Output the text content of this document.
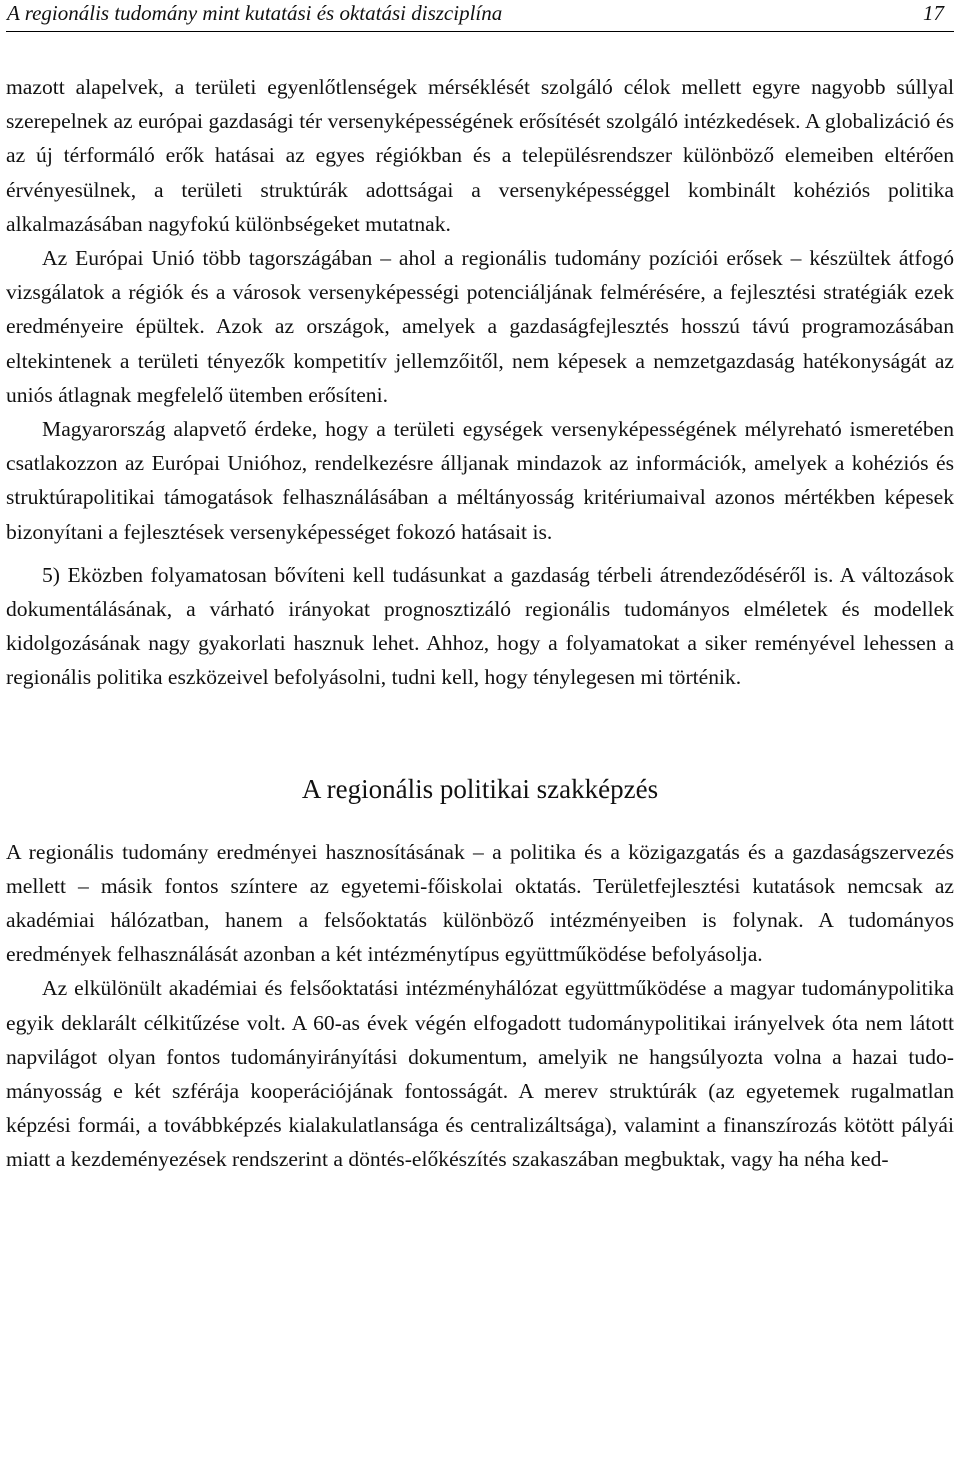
A regionális tudomány mint kutatási és oktatási diszciplína	17

mazott alapelvek, a területi egyenlőtlenségek mérséklését szolgáló célok mellett egyre nagyobb súllyal szerepelnek az európai gazdasági tér versenyképességének erősítését szolgáló intézkedések. A globalizáció és az új térformáló erők hatásai az egyes régiókban és a településrendszer különböző elemeiben eltérően érvényesülnek, a területi struktúrák adottságai a versenyképességgel kombinált kohéziós politika alkalmazásában nagyfokú különbségeket mutatnak.

Az Európai Unió több tagországában – ahol a regionális tudomány pozíciói erősek – készültek átfogó vizsgálatok a régiók és a városok versenyképességi potenciáljának felmérésére, a fejlesztési stratégiák ezek eredményeire épültek. Azok az országok, amelyek a gazdaságfejlesztés hosszú távú programozásában eltekintenek a területi tényezők kompetitív jellemzőitől, nem képesek a nemzetgazdaság hatékonyságát az uniós átlagnak megfelelő ütemben erősíteni.

Magyarország alapvető érdeke, hogy a területi egységek versenyképességének mélyreható ismeretében csatlakozzon az Európai Unióhoz, rendelkezésre álljanak mindazok az információk, amelyek a kohéziós és struktúrapolitikai támogatások felhasználásában a méltányosság kritériumaival azonos mértékben képesek bizonyítani a fejlesztések versenyképességet fokozó hatásait is.

5) Eközben folyamatosan bővíteni kell tudásunkat a gazdaság térbeli átrendeződéséről is. A változások dokumentálásának, a várható irányokat prognosztizáló regionális tudományos elméletek és modellek kidolgozásának nagy gyakorlati hasznuk lehet. Ahhoz, hogy a folyamatokat a siker reményével lehessen a regionális politika eszközeivel befolyásolni, tudni kell, hogy ténylegesen mi történik.

A regionális politikai szakképzés

A regionális tudomány eredményei hasznosításának – a politika és a közigazgatás és a gazdaságszervezés mellett – másik fontos színtere az egyetemi-főiskolai oktatás. Területfejlesztési kutatások nemcsak az akadémiai hálózatban, hanem a felsőoktatás különböző intézményeiben is folynak. A tudományos eredmények felhasználását azonban a két intézménytípus együttműködése befolyásolja.

Az elkülönült akadémiai és felsőoktatási intézményhálózat együttműködése a magyar tudománypolitika egyik deklarált célkitűzése volt. A 60-as évek végén elfogadott tudománypolitikai irányelvek óta nem látott napvilágot olyan fontos tudományirányítási dokumentum, amelyik ne hangsúlyozta volna a hazai tudományosság e két szférája kooperációjának fontosságát. A merev struktúrák (az egyetemek rugalmatlan képzési formái, a továbbképzés kialakulatlansága és centralizáltsága), valamint a finanszírozás kötött pályái miatt a kezdeményezések rendszerint a döntés-előkészítés szakaszában megbuktak, vagy ha néha ked-
